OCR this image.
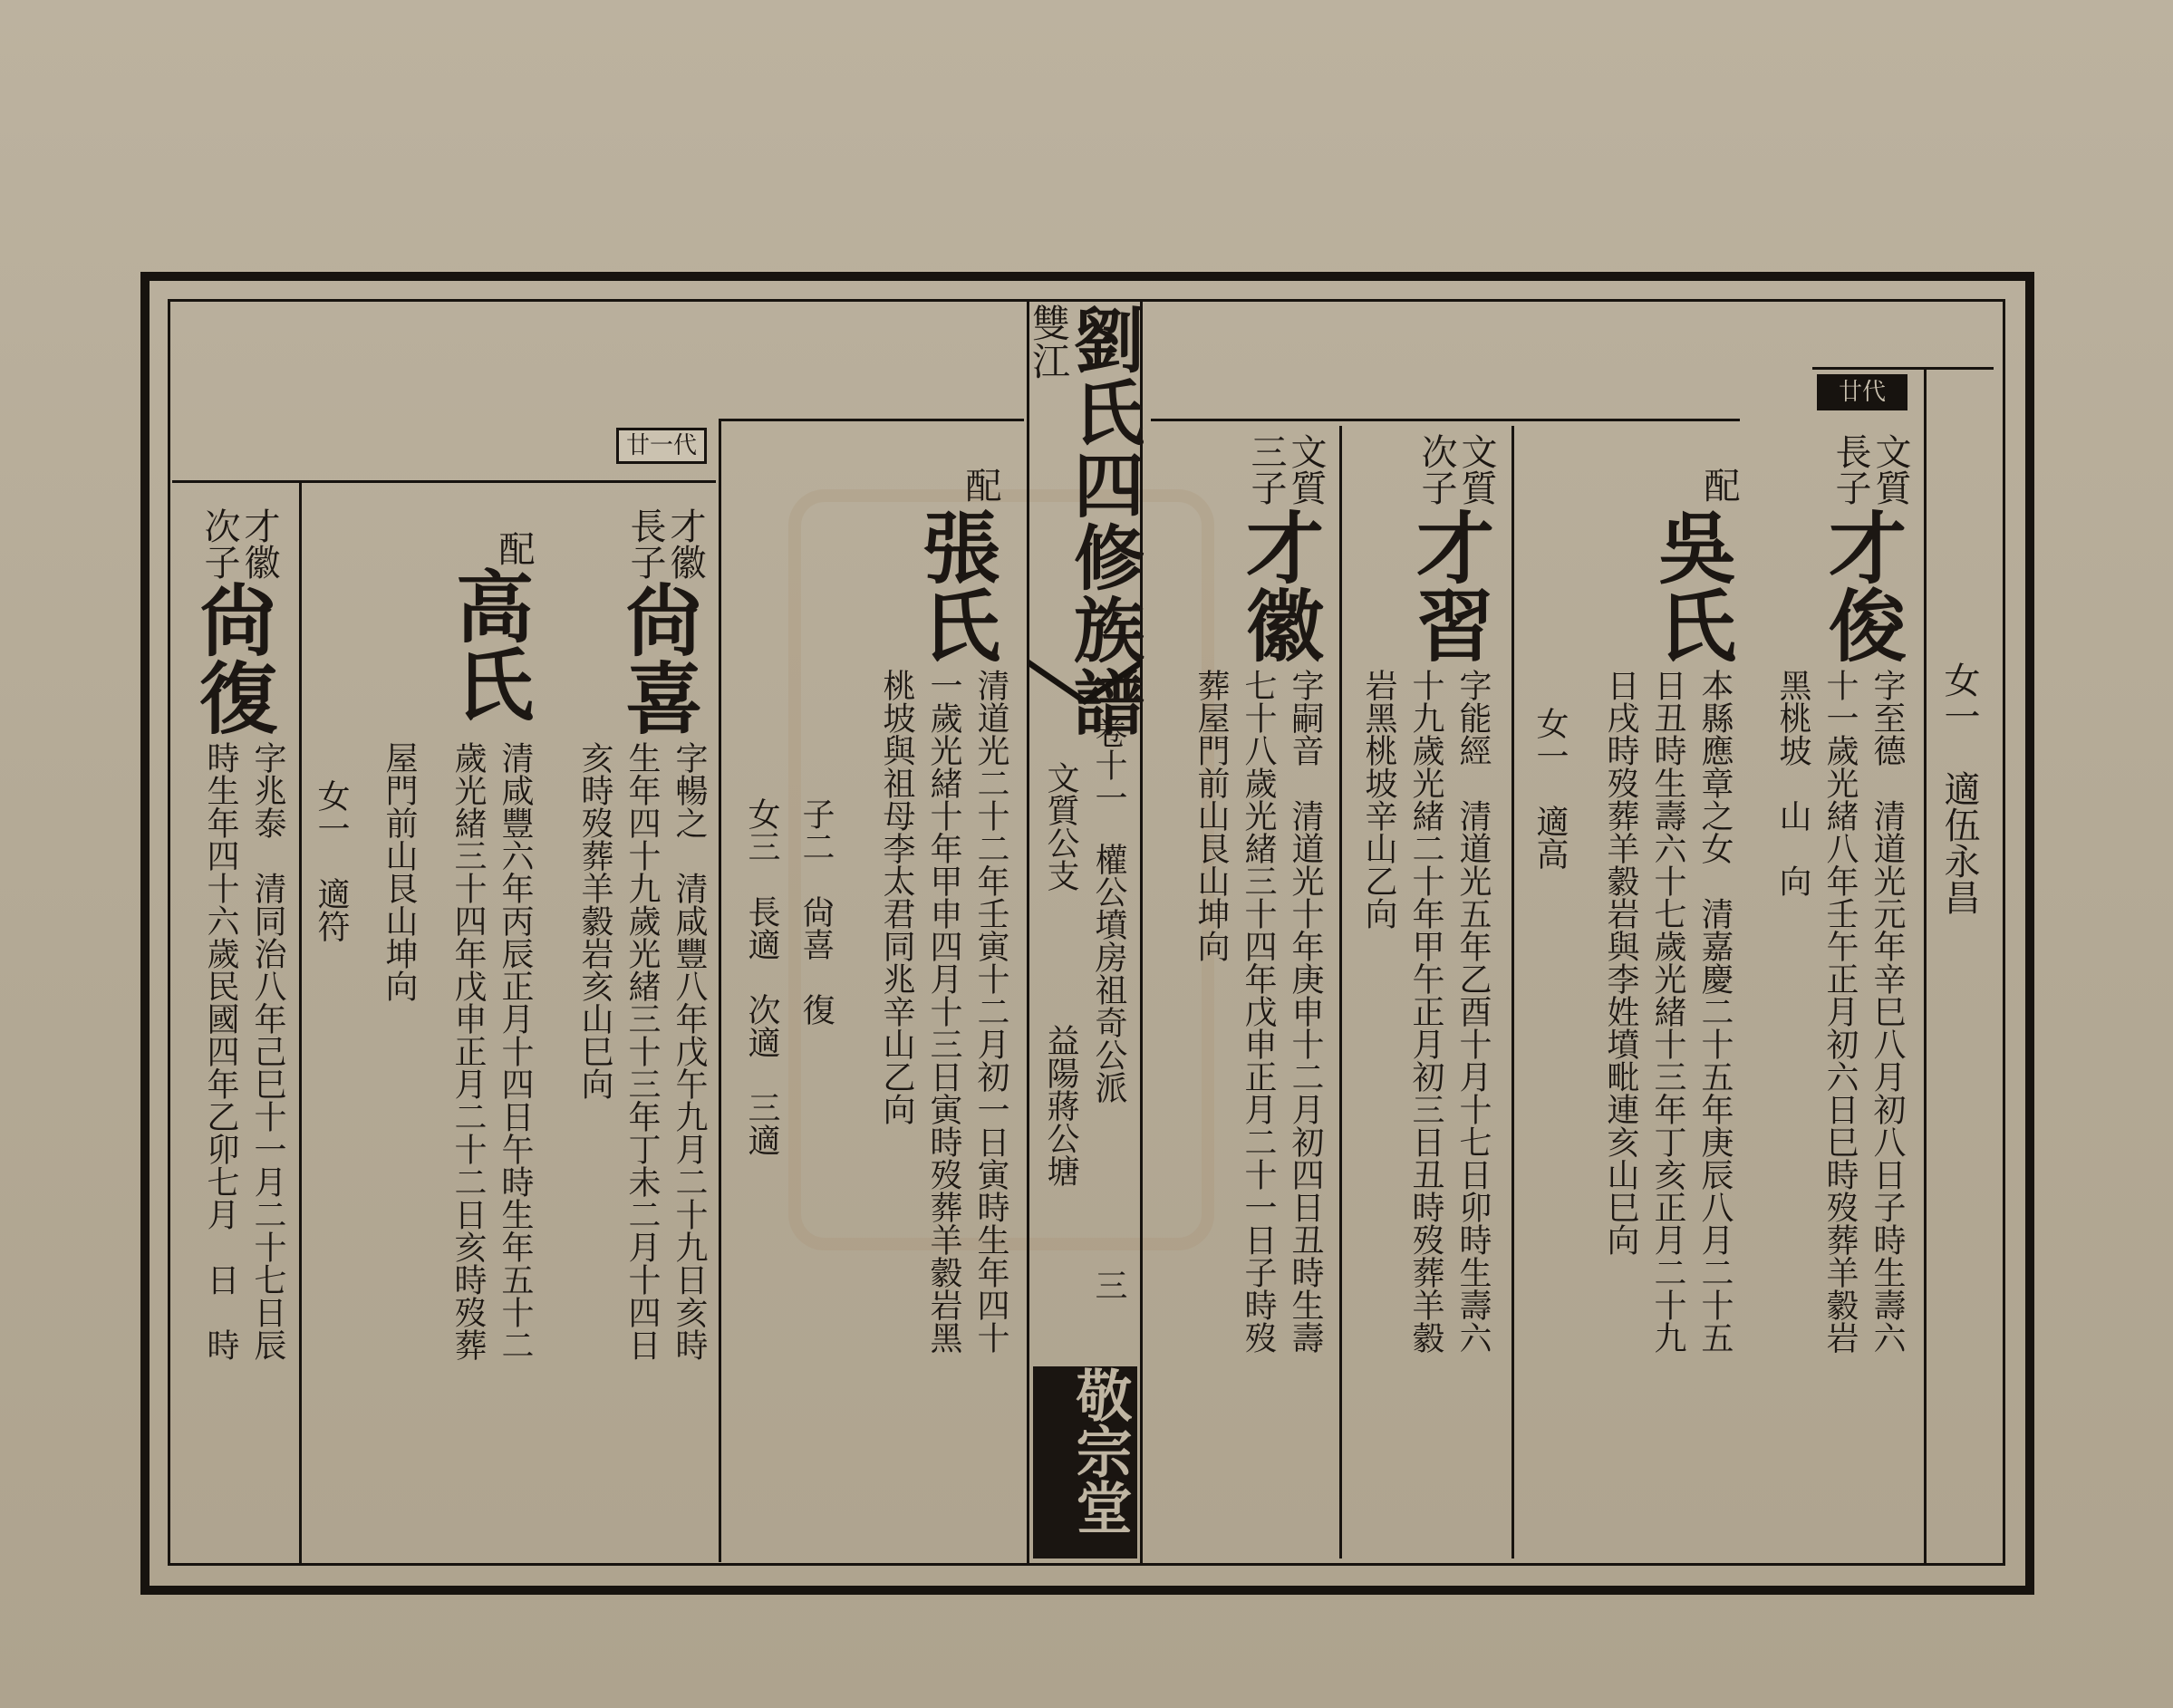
雙江
劉氏四修族譜
卷十一
權公墳房祖奇公派
文質公支
益陽蔣公塘
三
敬宗堂
廿代
女一　適伍永昌
文質
長子
才俊
字至德　清道光元年辛巳八月初八日子時生壽六
十一歲光緒八年壬午正月初六日巳時歿葬羊豰岩
黑桃坡　山　向
配
吳氏
本縣應章之女　清嘉慶二十五年庚辰八月二十五
日丑時生壽六十七歲光緒十三年丁亥正月二十九
日戌時歿葬羊豰岩與李姓墳毗連亥山巳向
女一　適高
文質
次子
才習
字能經　清道光五年乙酉十月十七日卯時生壽六
十九歲光緒二十年甲午正月初三日丑時歿葬羊豰
岩黑桃坡辛山乙向
文質
三子
才徽
字嗣音　清道光十年庚申十二月初四日丑時生壽
七十八歲光緒三十四年戊申正月二十一日子時歿
葬屋門前山艮山坤向
配
張氏
清道光二十二年壬寅十二月初一日寅時生年四十
一歲光緒十年甲申四月十三日寅時歿葬羊豰岩黑
桃坡與祖母李太君同兆辛山乙向
子二　尙喜　復
女三　長適　次適　三適
廿一代
才徽
長子
尙喜
字暢之　清咸豐八年戊午九月二十九日亥時
生年四十九歲光緒三十三年丁未二月十四日
亥時歿葬羊豰岩亥山巳向
配
高氏
清咸豐六年丙辰正月十四日午時生年五十二
歲光緒三十四年戊申正月二十二日亥時歿葬
屋門前山艮山坤向
女一　適符
才徽
次子
尙復
字兆泰　清同治八年己巳十一月二十七日辰
時生年四十六歲民國四年乙卯七月　日　時
